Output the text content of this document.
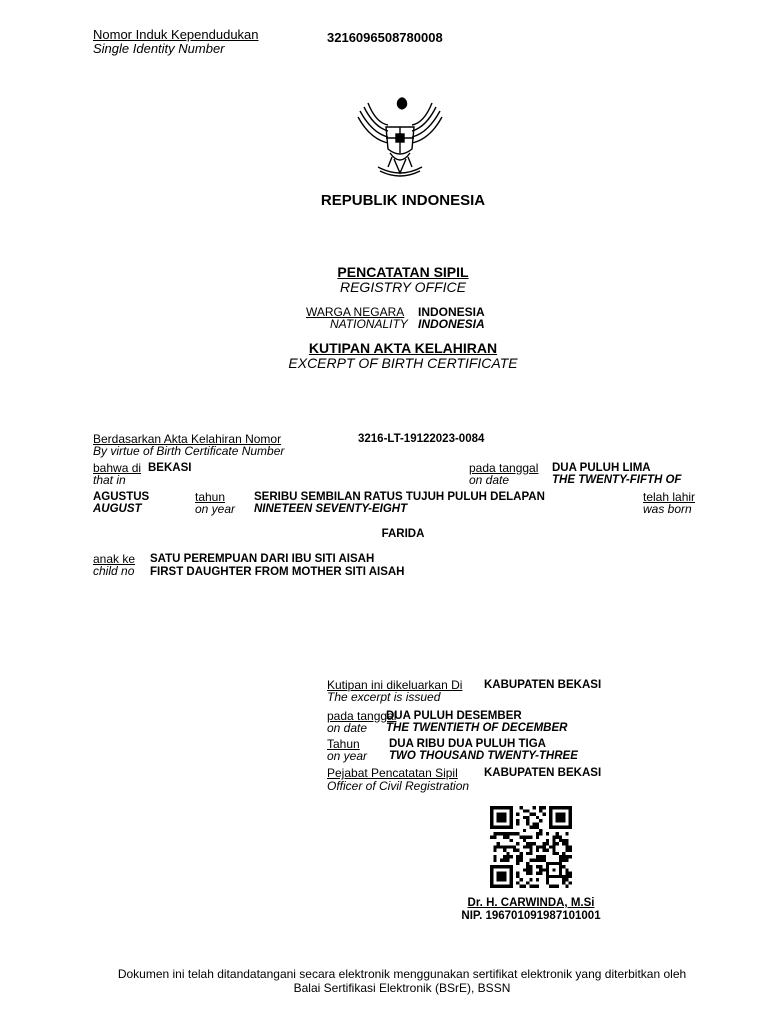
Nomor Induk Kependudukan
Single Identity Number
3216096508780008
REPUBLIK INDONESIA
PENCATATAN SIPIL
REGISTRY OFFICE
WARGA NEGARA INDONESIA
NATIONALITY INDONESIA
KUTIPAN AKTA KELAHIRAN
EXCERPT OF BIRTH CERTIFICATE
Berdasarkan Akta Kelahiran Nomor
By virtue of Birth Certificate Number
3216-LT-19122023-0084
bahwa di BEKASI
that in
pada tanggal
on date
DUA PULUH LIMA
THE TWENTY-FIFTH OF
AGUSTUS
AUGUST
tahun
on year
SERIBU SEMBILAN RATUS TUJUH PULUH DELAPAN
NINETEEN SEVENTY-EIGHT
telah lahir
was born
FARIDA
anak ke
child no
SATU PEREMPUAN DARI IBU SITI AISAH
FIRST DAUGHTER FROM MOTHER SITI AISAH
Kutipan ini dikeluarkan Di
The excerpt is issued
KABUPATEN BEKASI
pada tanggal
on date
DUA PULUH DESEMBER
THE TWENTIETH OF DECEMBER
Tahun
on year
DUA RIBU DUA PULUH TIGA
TWO THOUSAND TWENTY-THREE
Pejabat Pencatatan Sipil
Officer of Civil Registration
KABUPATEN BEKASI
Dr. H. CARWINDA, M.Si
NIP. 196701091987101001
Dokumen ini telah ditandatangani secara elektronik menggunakan sertifikat elektronik yang diterbitkan oleh
Balai Sertifikasi Elektronik (BSrE), BSSN
